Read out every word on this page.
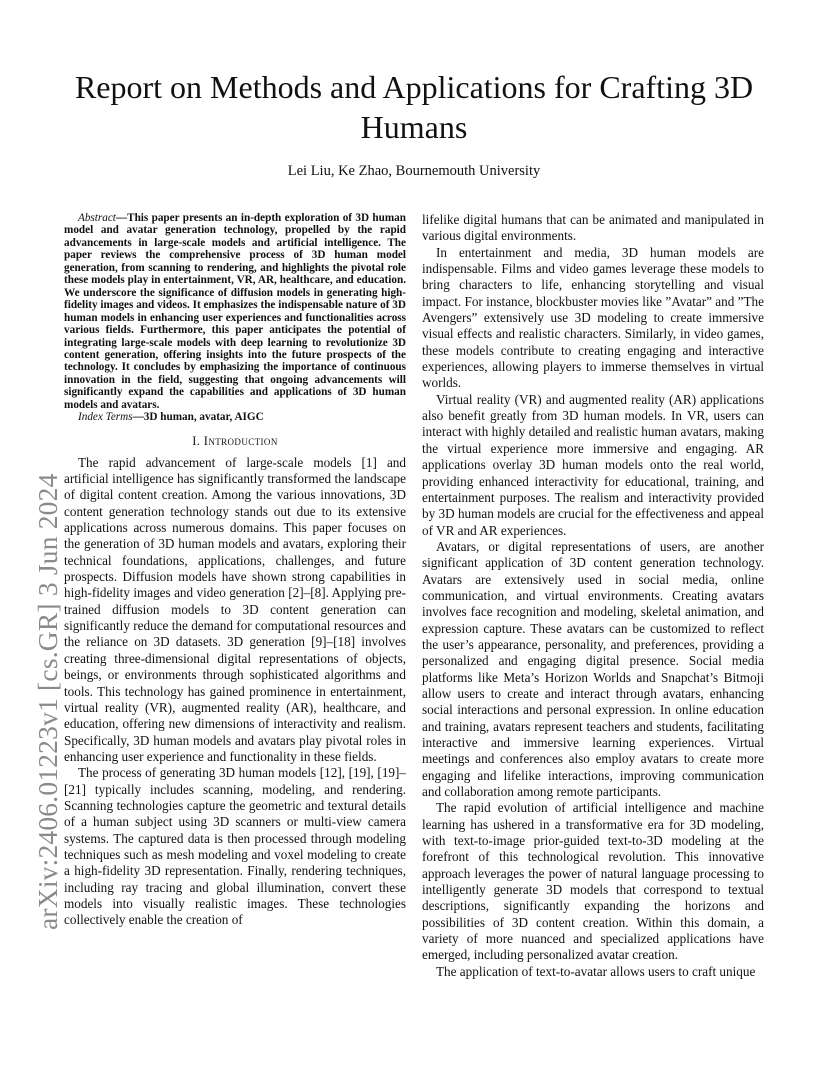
arXiv:2406.01223v1 [cs.GR] 3 Jun 2024
Report on Methods and Applications for Crafting 3D Humans

Lei Liu, Ke Zhao, Bournemouth University

Abstract—This paper presents an in-depth exploration of 3D human model and avatar generation technology, propelled by the rapid advancements in large-scale models and artificial intelligence. The paper reviews the comprehensive process of 3D human model generation, from scanning to rendering, and highlights the pivotal role these models play in entertainment, VR, AR, healthcare, and education. We underscore the significance of diffusion models in generating high-fidelity images and videos. It emphasizes the indispensable nature of 3D human models in enhancing user experiences and functionalities across various fields. Furthermore, this paper anticipates the potential of integrating large-scale models with deep learning to revolutionize 3D content generation, offering insights into the future prospects of the technology. It concludes by emphasizing the importance of continuous innovation in the field, suggesting that ongoing advancements will significantly expand the capabilities and applications of 3D human models and avatars.

Index Terms—3D human, avatar, AIGC

I. Introduction

The rapid advancement of large-scale models [1] and artificial intelligence has significantly transformed the landscape of digital content creation. Among the various innovations, 3D content generation technology stands out due to its extensive applications across numerous domains. This paper focuses on the generation of 3D human models and avatars, exploring their technical foundations, applications, challenges, and future prospects. Diffusion models have shown strong capabilities in high-fidelity images and video generation [2]–[8]. Applying pre-trained diffusion models to 3D content generation can significantly reduce the demand for computational resources and the reliance on 3D datasets. 3D generation [9]–[18] involves creating three-dimensional digital representations of objects, beings, or environments through sophisticated algorithms and tools. This technology has gained prominence in entertainment, virtual reality (VR), augmented reality (AR), healthcare, and education, offering new dimensions of interactivity and realism. Specifically, 3D human models and avatars play pivotal roles in enhancing user experience and functionality in these fields.

The process of generating 3D human models [12], [19], [19]–[21] typically includes scanning, modeling, and rendering. Scanning technologies capture the geometric and textural details of a human subject using 3D scanners or multi-view camera systems. The captured data is then processed through modeling techniques such as mesh modeling and voxel modeling to create a high-fidelity 3D representation. Finally, rendering techniques, including ray tracing and global illumination, convert these models into visually realistic images. These technologies collectively enable the creation of

lifelike digital humans that can be animated and manipulated in various digital environments.

In entertainment and media, 3D human models are indispensable. Films and video games leverage these models to bring characters to life, enhancing storytelling and visual impact. For instance, blockbuster movies like ”Avatar” and ”The Avengers” extensively use 3D modeling to create immersive visual effects and realistic characters. Similarly, in video games, these models contribute to creating engaging and interactive experiences, allowing players to immerse themselves in virtual worlds.

Virtual reality (VR) and augmented reality (AR) applications also benefit greatly from 3D human models. In VR, users can interact with highly detailed and realistic human avatars, making the virtual experience more immersive and engaging. AR applications overlay 3D human models onto the real world, providing enhanced interactivity for educational, training, and entertainment purposes. The realism and interactivity provided by 3D human models are crucial for the effectiveness and appeal of VR and AR experiences.

Avatars, or digital representations of users, are another significant application of 3D content generation technology. Avatars are extensively used in social media, online communication, and virtual environments. Creating avatars involves face recognition and modeling, skeletal animation, and expression capture. These avatars can be customized to reflect the user’s appearance, personality, and preferences, providing a personalized and engaging digital presence. Social media platforms like Meta’s Horizon Worlds and Snapchat’s Bitmoji allow users to create and interact through avatars, enhancing social interactions and personal expression. In online education and training, avatars represent teachers and students, facilitating interactive and immersive learning experiences. Virtual meetings and conferences also employ avatars to create more engaging and lifelike interactions, improving communication and collaboration among remote participants.

The rapid evolution of artificial intelligence and machine learning has ushered in a transformative era for 3D modeling, with text-to-image prior-guided text-to-3D modeling at the forefront of this technological revolution. This innovative approach leverages the power of natural language processing to intelligently generate 3D models that correspond to textual descriptions, significantly expanding the horizons and possibilities of 3D content creation. Within this domain, a variety of more nuanced and specialized applications have emerged, including personalized avatar creation.

The application of text-to-avatar allows users to craft unique
